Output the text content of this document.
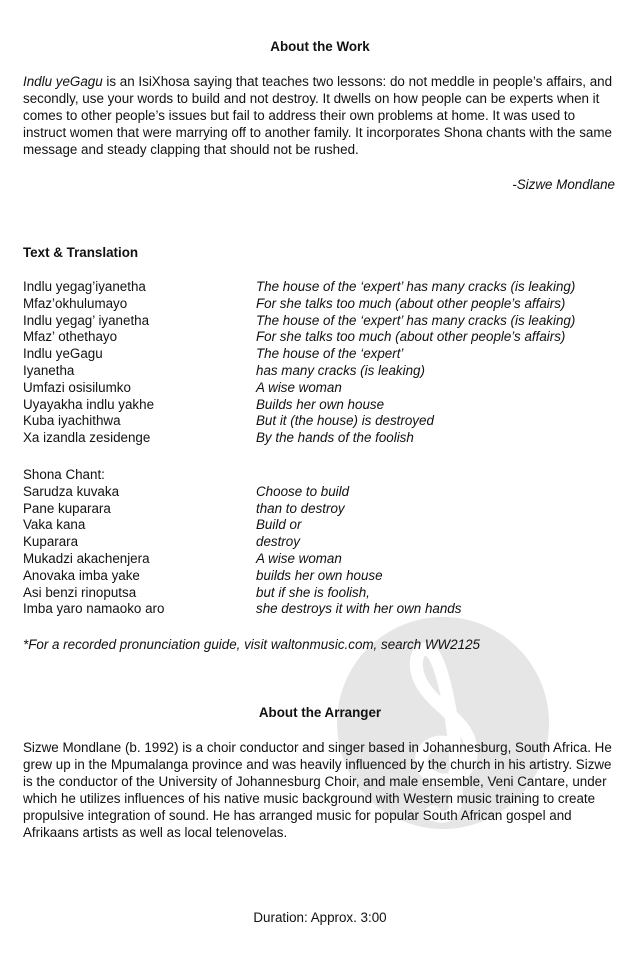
About the Work

Indlu yeGagu is an IsiXhosa saying that teaches two lessons: do not meddle in people’s affairs, and secondly, use your words to build and not destroy. It dwells on how people can be experts when it comes to other people’s issues but fail to address their own problems at home. It was used to instruct women that were marrying off to another family. It incorporates Shona chants with the same message and steady clapping that should not be rushed.

-Sizwe Mondlane
Text & Translation
Indlu yegag’iyanetha	The house of the ‘expert’ has many cracks (is leaking)
Mfaz’okhulumayo	For she talks too much (about other people’s affairs)
Indlu yegag’ iyanetha	The house of the ‘expert’ has many cracks (is leaking)
Mfaz’ othethayo	For she talks too much (about other people’s affairs)
Indlu yeGagu	The house of the ‘expert’
Iyanetha	has many cracks (is leaking)
Umfazi osisilumko	A wise woman
Uyayakha indlu yakhe	Builds her own house
Kuba iyachithwa	But it (the house) is destroyed
Xa izandla zesidenge	By the hands of the foolish
Shona Chant:
Sarudza kuvaka	Choose to build
Pane kuparara	than to destroy
Vaka kana	Build or
Kuparara	destroy
Mukadzi akachenjera	A wise woman
Anovaka imba yake	builds her own house
Asi benzi rinoputsa	but if she is foolish,
Imba yaro namaoko aro	she destroys it with her own hands
*For a recorded pronunciation guide, visit waltonmusic.com, search WW2125
About the Arranger

Sizwe Mondlane (b. 1992) is a choir conductor and singer based in Johannesburg, South Africa. He grew up in the Mpumalanga province and was heavily influenced by the church in his artistry. Sizwe is the conductor of the University of Johannesburg Choir, and male ensemble, Veni Cantare, under which he utilizes influences of his native music background with Western music training to create propulsive integration of sound. He has arranged music for popular South African gospel and Afrikaans artists as well as local telenovelas.

Duration: Approx. 3:00
